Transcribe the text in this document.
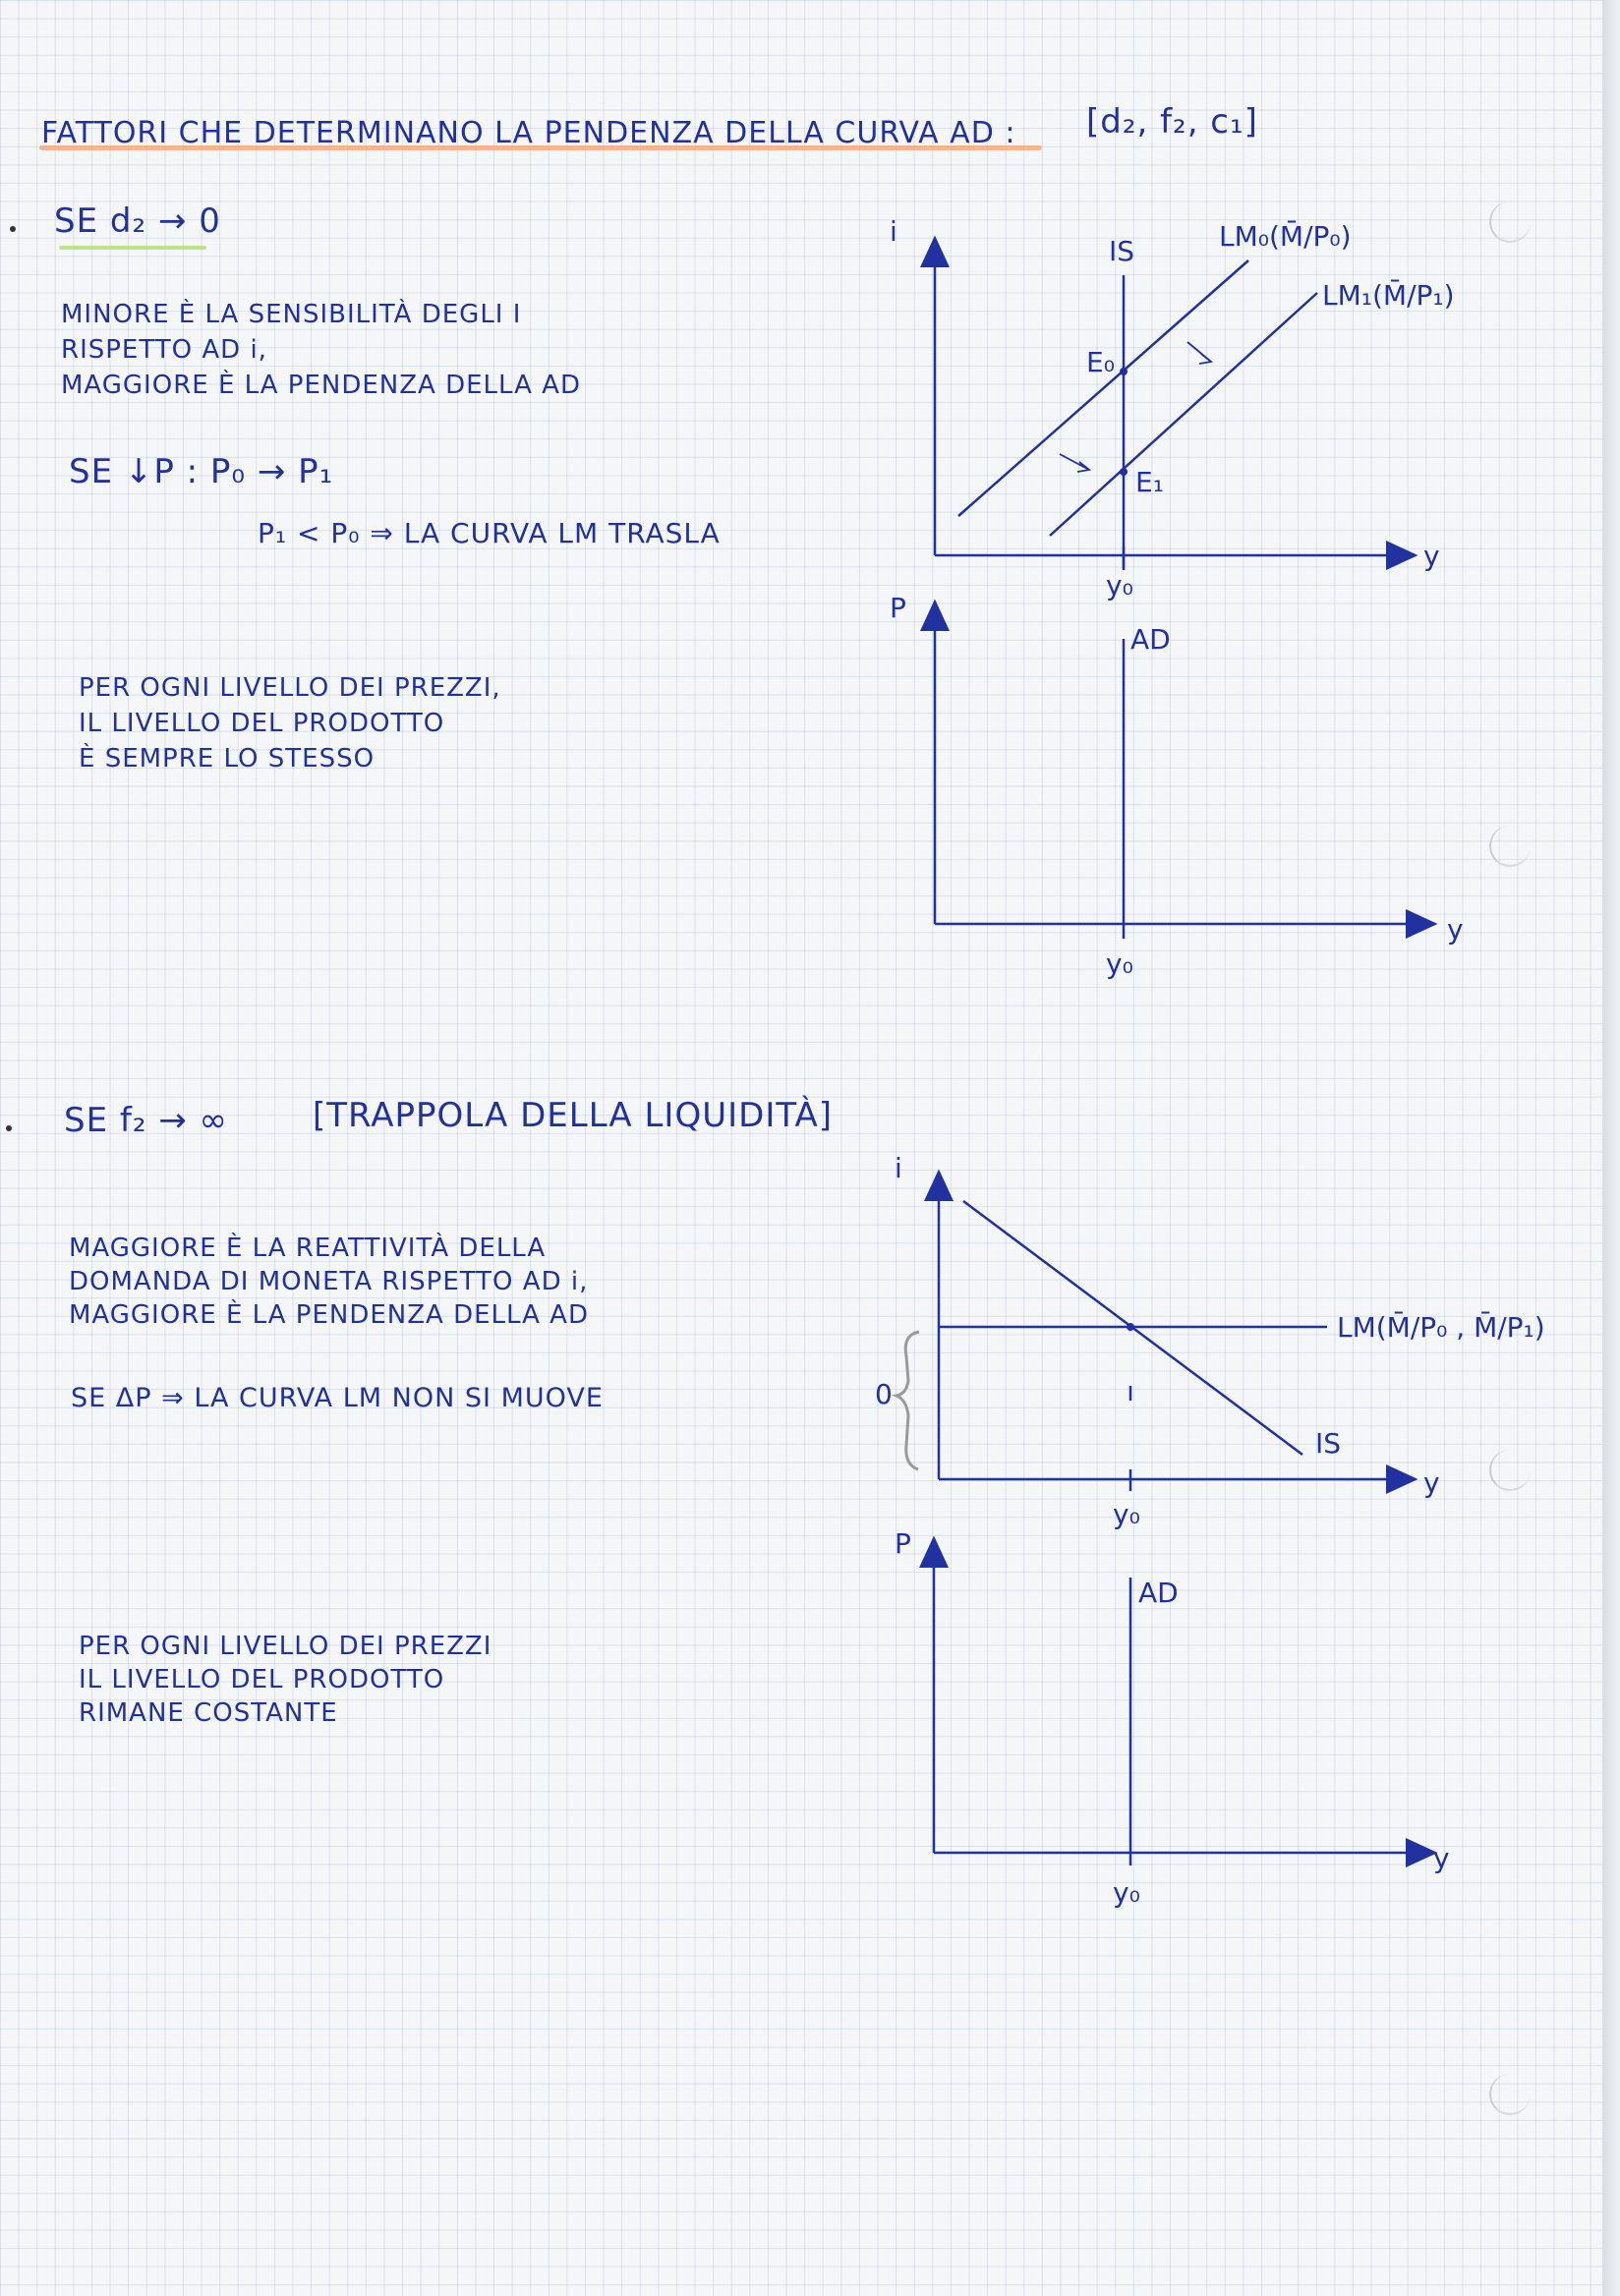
FATTORI CHE DETERMINANO LA PENDENZA DELLA CURVA AD : [d₂, f₂, c₁]
SE d₂ → 0
MINORE È LA SENSIBILITÀ DEGLI I
RISPETTO AD i,
MAGGIORE È LA PENDENZA DELLA AD
SE ↓P : P₀ → P₁
P₁ < P₀ ⇒ LA CURVA LM TRASLA
PER OGNI LIVELLO DEI PREZZI,
IL LIVELLO DEL PRODOTTO
È SEMPRE LO STESSO
SE f₂ → ∞	[TRAPPOLA DELLA LIQUIDITÀ]
MAGGIORE È LA REATTIVITÀ DELLA
DOMANDA DI MONETA RISPETTO AD i,
MAGGIORE È LA PENDENZA DELLA AD
SE ΔP ⇒ LA CURVA LM NON SI MUOVE
PER OGNI LIVELLO DEI PREZZI
IL LIVELLO DEL PRODOTTO
RIMANE COSTANTE
i
y
IS	LM₀(M̄/P₀)
LM₁(M̄/P₁)
E₀
E₁
y₀
P
y
AD
y₀
0
i
y
LM(M̄/P₀ , M̄/P₁)
IS
y₀
P
y
AD
y₀
